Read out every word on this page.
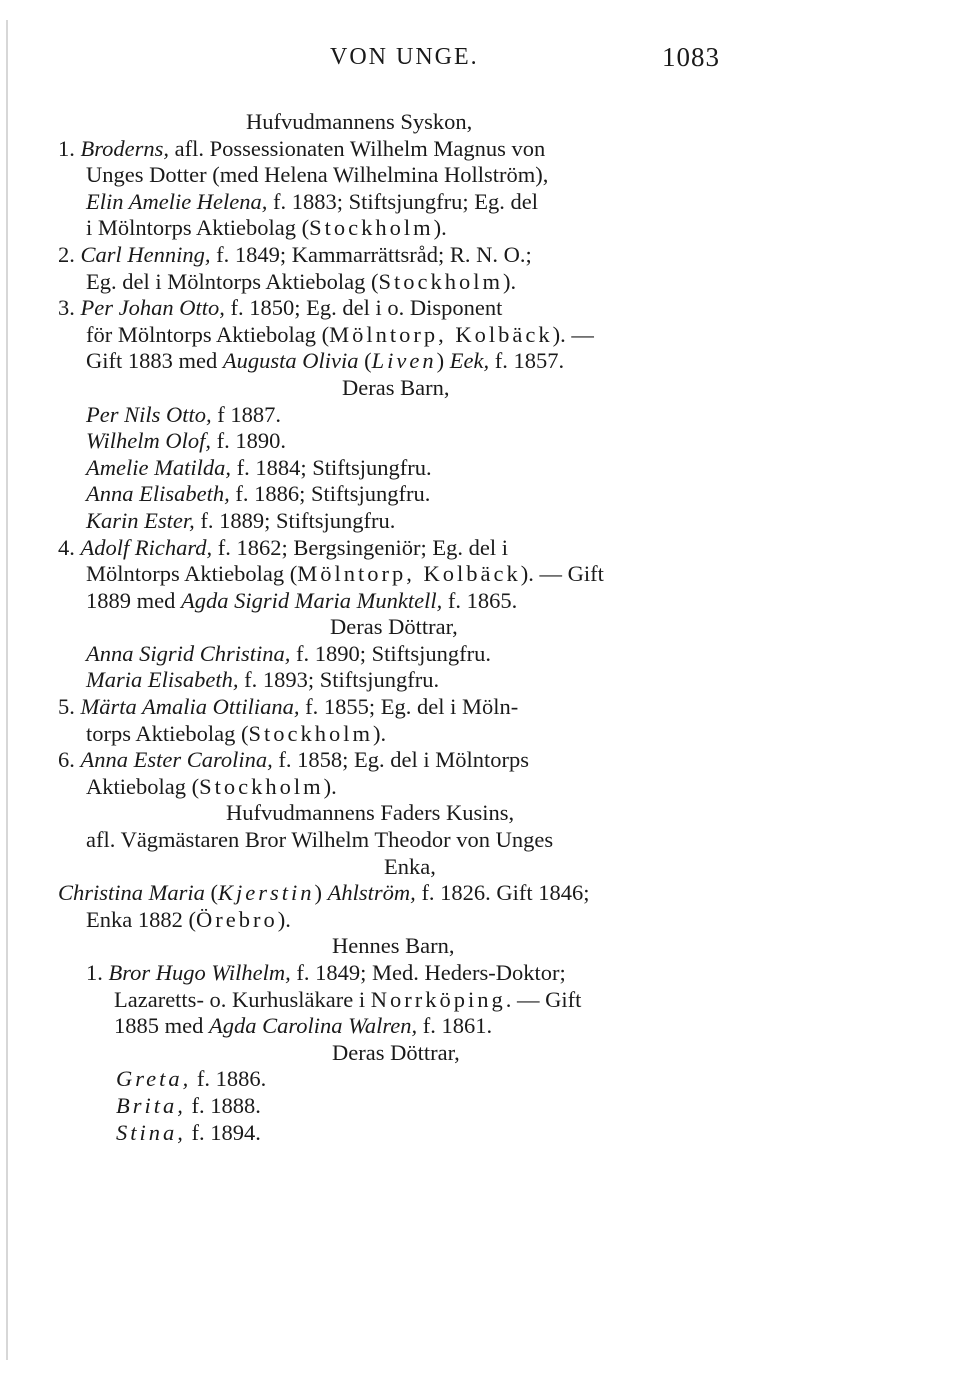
VON UNGE.	1083
Hufvudmannens Syskon,
1. Broderns, afl. Possessionaten Wilhelm Magnus von
Unges Dotter (med Helena Wilhelmina Hollström),
Elin Amelie Helena, f. 1883; Stiftsjungfru; Eg. del
i Mölntorps Aktiebolag (Stockholm).
2. Carl Henning, f. 1849; Kammarrättsråd; R. N. O.;
Eg. del i Mölntorps Aktiebolag (Stockholm).
3. Per Johan Otto, f. 1850; Eg. del i o. Disponent
för Mölntorps Aktiebolag (Mölntorp, Kolbäck). —
Gift 1883 med Augusta Olivia (Liven) Eek, f. 1857.
Deras Barn,
Per Nils Otto, f 1887.
Wilhelm Olof, f. 1890.
Amelie Matilda, f. 1884; Stiftsjungfru.
Anna Elisabeth, f. 1886; Stiftsjungfru.
Karin Ester, f. 1889; Stiftsjungfru.
4. Adolf Richard, f. 1862; Bergsingeniör; Eg. del i
Mölntorps Aktiebolag (Mölntorp, Kolbäck). — Gift
1889 med Agda Sigrid Maria Munktell, f. 1865.
Deras Döttrar,
Anna Sigrid Christina, f. 1890; Stiftsjungfru.
Maria Elisabeth, f. 1893; Stiftsjungfru.
5. Märta Amalia Ottiliana, f. 1855; Eg. del i Möln-
torps Aktiebolag (Stockholm).
6. Anna Ester Carolina, f. 1858; Eg. del i Mölntorps
Aktiebolag (Stockholm).
Hufvudmannens Faders Kusins,
afl. Vägmästaren Bror Wilhelm Theodor von Unges
Enka,
Christina Maria (Kjerstin) Ahlström, f. 1826. Gift 1846;
Enka 1882 (Örebro).
Hennes Barn,
1. Bror Hugo Wilhelm, f. 1849; Med. Heders-Doktor;
Lazaretts- o. Kurhusläkare i Norrköping. — Gift
1885 med Agda Carolina Walren, f. 1861.
Deras Döttrar,
Greta, f. 1886.
Brita, f. 1888.
Stina, f. 1894.
